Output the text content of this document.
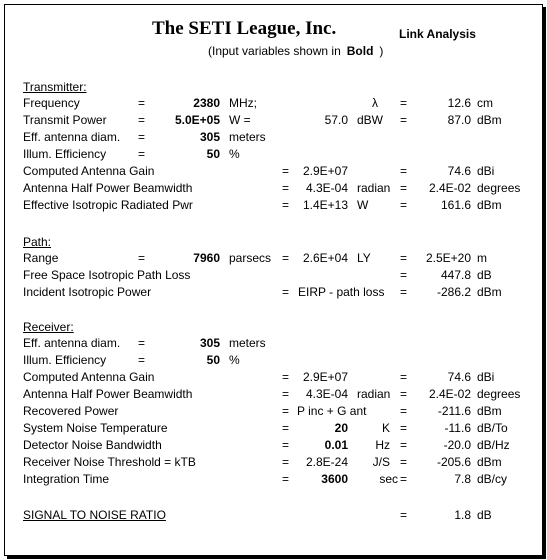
The SETI League, Inc.	Link Analysis
(Input variables shown in Bold )
Transmitter:
Frequency	=	2380 MHz;	λ =	12.6 cm
Transmit Power	= 5.0E+05 W =	57.0 dBW =	87.0 dBm
Eff. antenna diam. =	305 meters
Illum. Efficiency	=	50 %
Computed Antenna Gain	= 2.9E+07	=	74.6 dBi
Antenna Half Power Beamwidth	= 4.3E-04 radian = 2.4E-02 degrees
Effective Isotropic Radiated Pwr	= 1.4E+13 W	=	161.6 dBm
Path:
Range	=	7960 parsecs = 2.6E+04 LY = 2.5E+20 m
Free Space Isotropic Path Loss	=	447.8 dB
Incident Isotropic Power	= EIRP - path loss = -286.2 dBm
Receiver:
Eff. antenna diam. =	305 meters
Illum. Efficiency	=	50 %
Computed Antenna Gain	= 2.9E+07	=	74.6 dBi
Antenna Half Power Beamwidth	= 4.3E-04 radian = 2.4E-02 degrees
Recovered Power	= P inc + G ant	=	-211.6 dBm
System Noise Temperature	=	20	K =	-11.6 dB/To
Detector Noise Bandwidth	=	0.01 Hz =	-20.0 dB/Hz
Receiver Noise Threshold = kTB	= 2.8E-24 J/S = -205.6 dBm
Integration Time	=	3600	sec =	7.8 dB/cy
SIGNAL TO NOISE RATIO	=	1.8 dB
